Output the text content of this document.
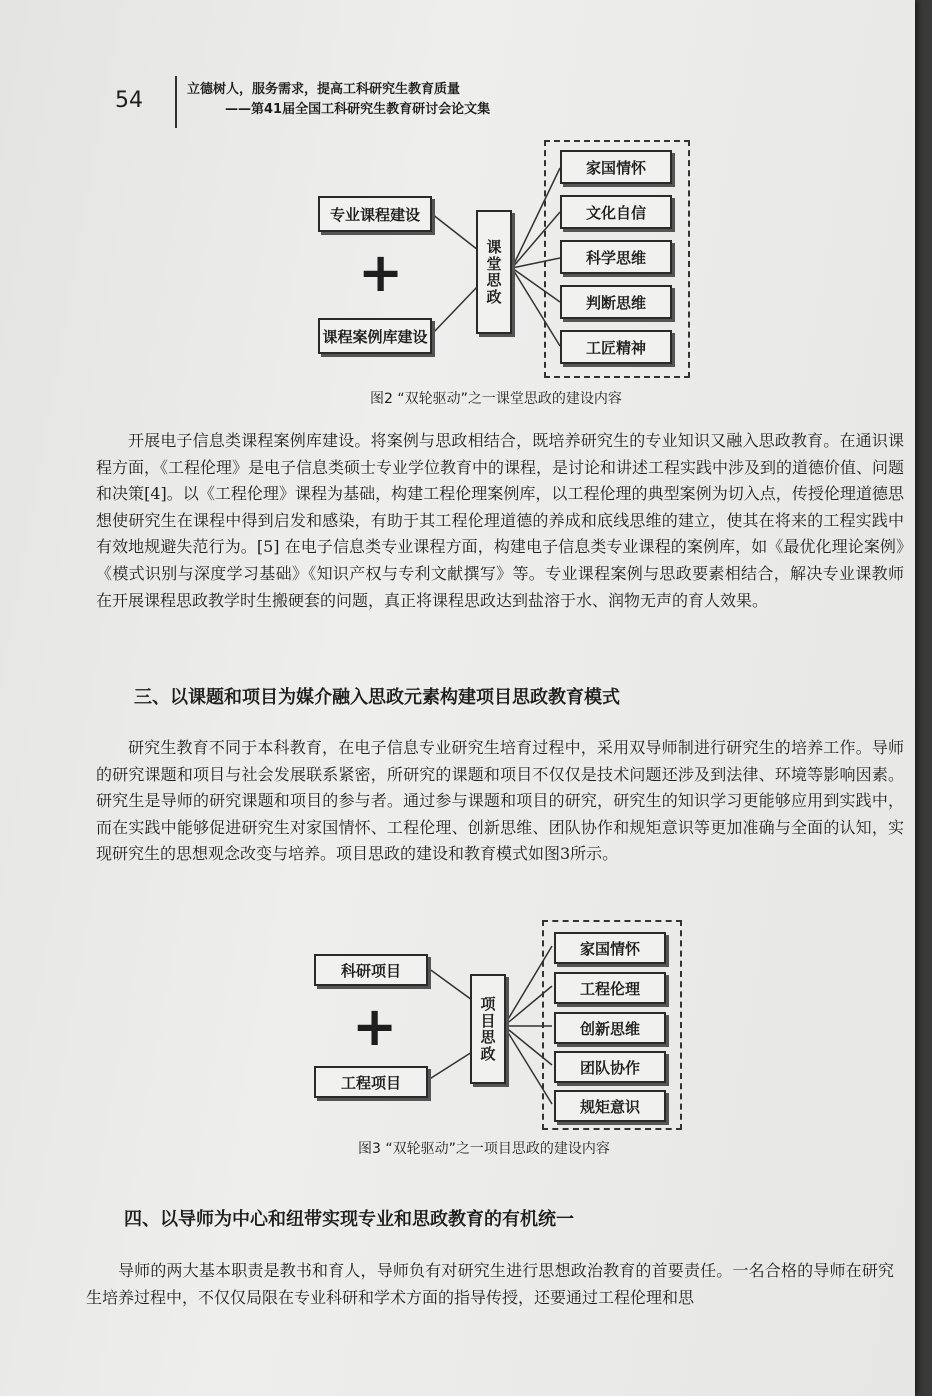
54	立德树人，服务需求，提高工科研究生教育质量
——第41届全国工科研究生教育研讨会论文集
专业课程建设
+
课程案例库建设
课
堂
思
政
家国情怀
文化自信
科学思维
判断思维
工匠精神
图2 “双轮驱动”之一课堂思政的建设内容

开展电子信息类课程案例库建设。将案例与思政相结合，既培养研究生的专业知识又融入思政教育。在通识课程方面，《工程伦理》是电子信息类硕士专业学位教育中的课程，是讨论和讲述工程实践中涉及到的道德价值、问题和决策[4]。以《工程伦理》课程为基础，构建工程伦理案例库，以工程伦理的典型案例为切入点，传授伦理道德思想使研究生在课程中得到启发和感染，有助于其工程伦理道德的养成和底线思维的建立，使其在将来的工程实践中有效地规避失范行为。[5] 在电子信息类专业课程方面，构建电子信息类专业课程的案例库，如《最优化理论案例》《模式识别与深度学习基础》《知识产权与专利文献撰写》等。专业课程案例与思政要素相结合，解决专业课教师在开展课程思政教学时生搬硬套的问题，真正将课程思政达到盐溶于水、润物无声的育人效果。

三、以课题和项目为媒介融入思政元素构建项目思政教育模式

研究生教育不同于本科教育，在电子信息专业研究生培育过程中，采用双导师制进行研究生的培养工作。导师的研究课题和项目与社会发展联系紧密，所研究的课题和项目不仅仅是技术问题还涉及到法律、环境等影响因素。研究生是导师的研究课题和项目的参与者。通过参与课题和项目的研究，研究生的知识学习更能够应用到实践中，而在实践中能够促进研究生对家国情怀、工程伦理、创新思维、团队协作和规矩意识等更加准确与全面的认知，实现研究生的思想观念改变与培养。项目思政的建设和教育模式如图3所示。

科研项目
+
工程项目
项
目
思
政
家国情怀
工程伦理
创新思维
团队协作
规矩意识
图3 “双轮驱动”之一项目思政的建设内容
四、以导师为中心和纽带实现专业和思政教育的有机统一

导师的两大基本职责是教书和育人，导师负有对研究生进行思想政治教育的首要责任。一名合格的导师在研究生培养过程中，不仅仅局限在专业科研和学术方面的指导传授，还要通过工程伦理和思
